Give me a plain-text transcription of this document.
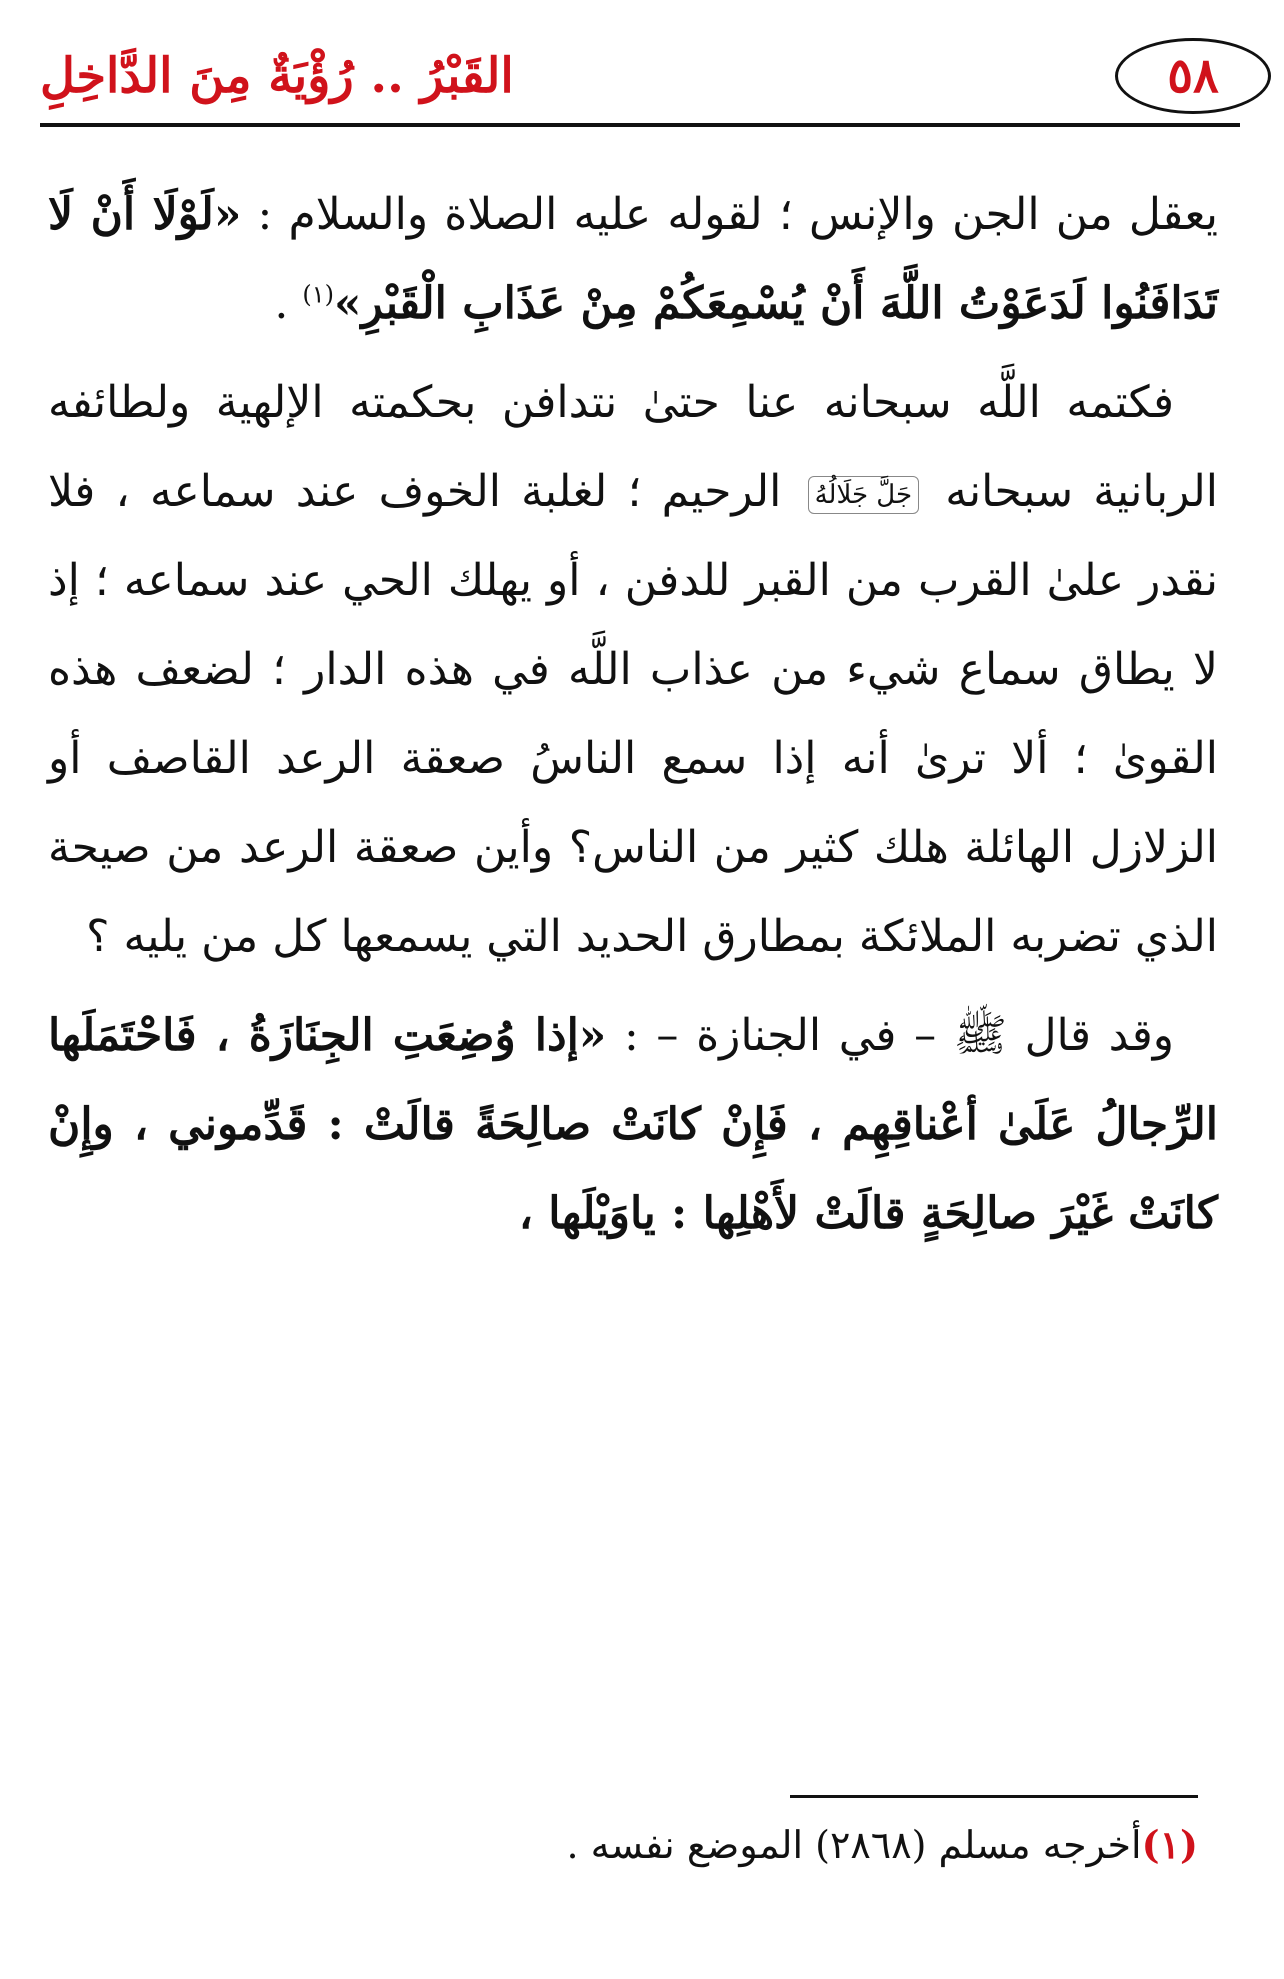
٥٨
القَبْرُ .. رُؤْيَةٌ مِنَ الدَّاخِلِ

يعقل من الجن والإنس ؛ لقوله عليه الصلاة والسلام : «لَوْلَا أَنْ لَا تَدَافَنُوا لَدَعَوْتُ اللَّهَ أَنْ يُسْمِعَكُمْ مِنْ عَذَابِ الْقَبْرِ»$^{(١)}$ .

 فكتمه اللَّه سبحانه عنا حتىٰ نتدافن بحكمته الإلهية ولطائفه الربانية سبحانه جَلَّ جَلَالُهُ الرحيم ؛ لغلبة الخوف عند سماعه ، فلا نقدر علىٰ القرب من القبر للدفن ، أو يهلك الحي عند سماعه ؛ إذ لا يطاق سماع شيء من عذاب اللَّه في هذه الدار ؛ لضعف هذه القوىٰ ؛ ألا ترىٰ أنه إذا سمع الناسُ صعقة الرعد القاصف أو الزلازل الهائلة هلك كثير من الناس؟ وأين صعقة الرعد من صيحة الذي تضربه الملائكة بمطارق الحديد التي يسمعها كل من يليه ؟

 وقد قال ﷺ – في الجنازة – : «إذا وُضِعَتِ الجِنَازَةُ ، فَاحْتَمَلَها الرِّجالُ عَلَىٰ أعْناقِهِم ، فَإِنْ كانَتْ صالِحَةً قالَتْ : قَدِّموني ، وإِنْ كانَتْ غَيْرَ صالِحَةٍ قالَتْ لأَهْلِها : ياوَيْلَها ،

(١)أخرجه مسلم (٢٨٦٨) الموضع نفسه .
